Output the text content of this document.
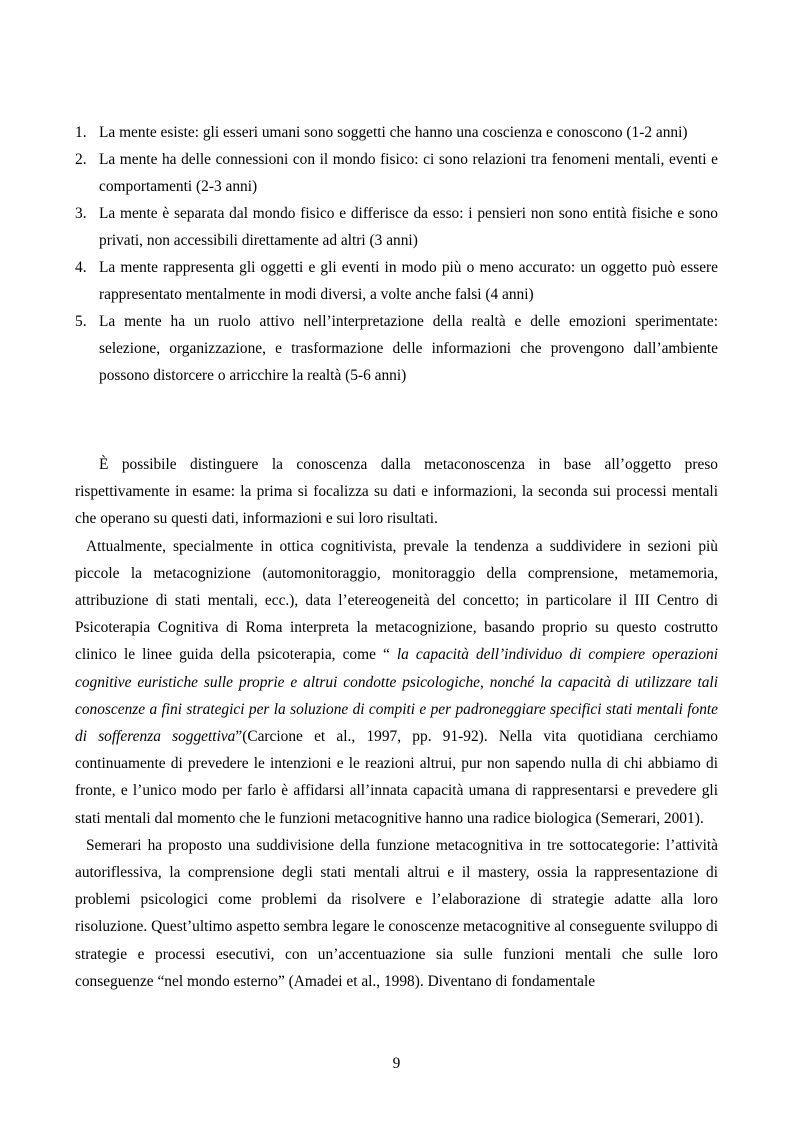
1. La mente esiste: gli esseri umani sono soggetti che hanno una coscienza e conoscono (1-2 anni)
2. La mente ha delle connessioni con il mondo fisico: ci sono relazioni tra fenomeni mentali, eventi e comportamenti (2-3 anni)
3. La mente è separata dal mondo fisico e differisce da esso: i pensieri non sono entità fisiche e sono privati, non accessibili direttamente ad altri (3 anni)
4. La mente rappresenta gli oggetti e gli eventi in modo più o meno accurato: un oggetto può essere rappresentato mentalmente in modi diversi, a volte anche falsi (4 anni)
5. La mente ha un ruolo attivo nell’interpretazione della realtà e delle emozioni sperimentate: selezione, organizzazione, e trasformazione delle informazioni che provengono dall’ambiente possono distorcere o arricchire la realtà (5-6 anni)

È possibile distinguere la conoscenza dalla metaconoscenza in base all’oggetto preso rispettivamente in esame: la prima si focalizza su dati e informazioni, la seconda sui processi mentali che operano su questi dati, informazioni e sui loro risultati.

Attualmente, specialmente in ottica cognitivista, prevale la tendenza a suddividere in sezioni più piccole la metacognizione (automonitoraggio, monitoraggio della comprensione, metamemoria, attribuzione di stati mentali, ecc.), data l’etereogeneità del concetto; in particolare il III Centro di Psicoterapia Cognitiva di Roma interpreta la metacognizione, basando proprio su questo costrutto clinico le linee guida della psicoterapia, come “ la capacità dell’individuo di compiere operazioni cognitive euristiche sulle proprie e altrui condotte psicologiche, nonché la capacità di utilizzare tali conoscenze a fini strategici per la soluzione di compiti e per padroneggiare specifici stati mentali fonte di sofferenza soggettiva”(Carcione et al., 1997, pp. 91-92). Nella vita quotidiana cerchiamo continuamente di prevedere le intenzioni e le reazioni altrui, pur non sapendo nulla di chi abbiamo di fronte, e l’unico modo per farlo è affidarsi all’innata capacità umana di rappresentarsi e prevedere gli stati mentali dal momento che le funzioni metacognitive hanno una radice biologica (Semerari, 2001).

Semerari ha proposto una suddivisione della funzione metacognitiva in tre sottocategorie: l’attività autoriflessiva, la comprensione degli stati mentali altrui e il mastery, ossia la rappresentazione di problemi psicologici come problemi da risolvere e l’elaborazione di strategie adatte alla loro risoluzione. Quest’ultimo aspetto sembra legare le conoscenze metacognitive al conseguente sviluppo di strategie e processi esecutivi, con un’accentuazione sia sulle funzioni mentali che sulle loro conseguenze “nel mondo esterno” (Amadei et al., 1998). Diventano di fondamentale

9
